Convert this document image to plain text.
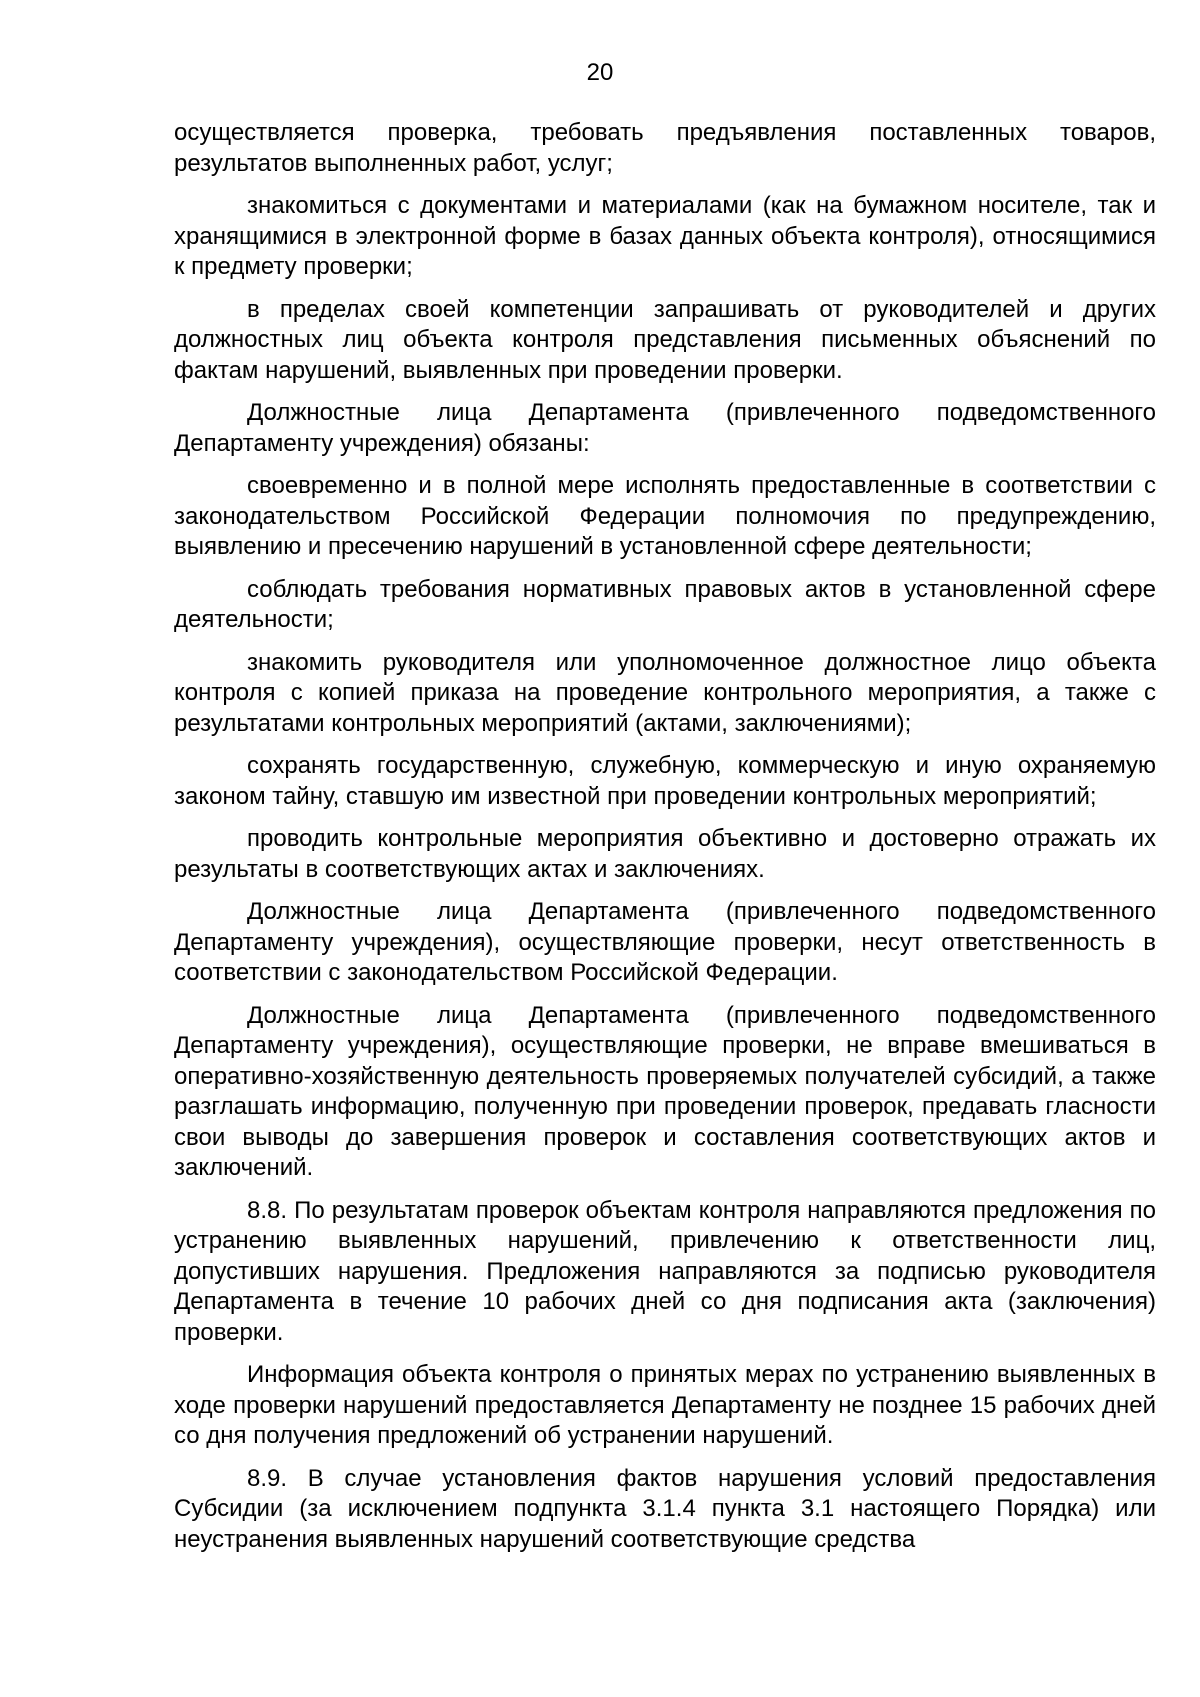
20

осуществляется проверка, требовать предъявления поставленных товаров, результатов выполненных работ, услуг;

знакомиться с документами и материалами (как на бумажном носителе, так и хранящимися в электронной форме в базах данных объекта контроля), относящимися к предмету проверки;

в пределах своей компетенции запрашивать от руководителей и других должностных лиц объекта контроля представления письменных объяснений по фактам нарушений, выявленных при проведении проверки.

Должностные лица Департамента (привлеченного подведомственного Департаменту учреждения) обязаны:

своевременно и в полной мере исполнять предоставленные в соответствии с законодательством Российской Федерации полномочия по предупреждению, выявлению и пресечению нарушений в установленной сфере деятельности;

соблюдать требования нормативных правовых актов в установленной сфере деятельности;

знакомить руководителя или уполномоченное должностное лицо объекта контроля с копией приказа на проведение контрольного мероприятия, а также с результатами контрольных мероприятий (актами, заключениями);

сохранять государственную, служебную, коммерческую и иную охраняемую законом тайну, ставшую им известной при проведении контрольных мероприятий;

проводить контрольные мероприятия объективно и достоверно отражать их результаты в соответствующих актах и заключениях.

Должностные лица Департамента (привлеченного подведомственного Департаменту учреждения), осуществляющие проверки, несут ответственность в соответствии с законодательством Российской Федерации.

Должностные лица Департамента (привлеченного подведомственного Департаменту учреждения), осуществляющие проверки, не вправе вмешиваться в оперативно-хозяйственную деятельность проверяемых получателей субсидий, а также разглашать информацию, полученную при проведении проверок, предавать гласности свои выводы до завершения проверок и составления соответствующих актов и заключений.

8.8. По результатам проверок объектам контроля направляются предложения по устранению выявленных нарушений, привлечению к ответственности лиц, допустивших нарушения. Предложения направляются за подписью руководителя Департамента в течение 10 рабочих дней со дня подписания акта (заключения) проверки.

Информация объекта контроля о принятых мерах по устранению выявленных в ходе проверки нарушений предоставляется Департаменту не позднее 15 рабочих дней со дня получения предложений об устранении нарушений.

8.9. В случае установления фактов нарушения условий предоставления Субсидии (за исключением подпункта 3.1.4 пункта 3.1 настоящего Порядка) или неустранения выявленных нарушений соответствующие средства
